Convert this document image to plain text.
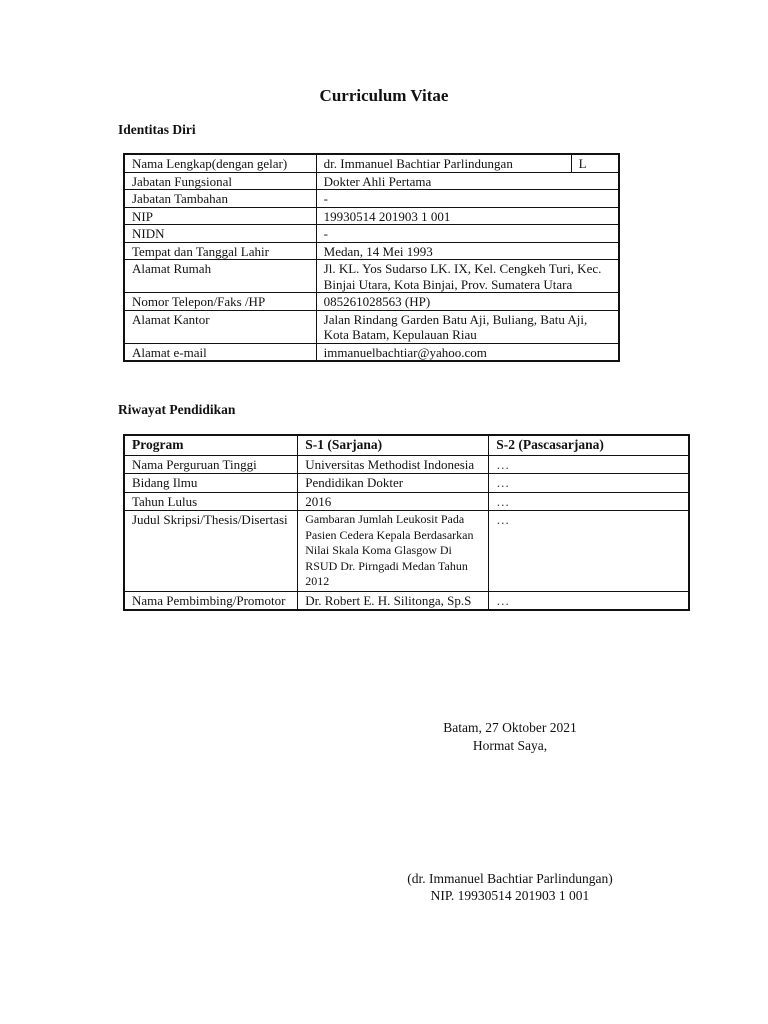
Curriculum Vitae
Identitas Diri
Nama Lengkap(dengan gelar)	dr. Immanuel Bachtiar Parlindungan	L
Jabatan Fungsional	Dokter Ahli Pertama	
Jabatan Tambahan	-	
NIP	19930514 201903 1 001	
NIDN	-	
Tempat dan Tanggal Lahir	Medan, 14 Mei 1993	
Alamat Rumah	Jl. KL. Yos Sudarso LK. IX, Kel. Cengkeh Turi, Kec. Binjai Utara, Kota Binjai, Prov. Sumatera Utara	
Nomor Telepon/Faks /HP	085261028563 (HP)	
Alamat Kantor	Jalan Rindang Garden Batu Aji, Buliang, Batu Aji, Kota Batam, Kepulauan Riau	
Alamat e-mail	immanuelbachtiar@yahoo.com	
Riwayat Pendidikan
Program	S-1 (Sarjana)	S-2 (Pascasarjana)
Nama Perguruan Tinggi	Universitas Methodist Indonesia	…
Bidang Ilmu	Pendidikan Dokter	…
Tahun Lulus	2016	…
Judul Skripsi/Thesis/Disertasi	Gambaran Jumlah Leukosit Pada Pasien Cedera Kepala Berdasarkan Nilai Skala Koma Glasgow Di RSUD Dr. Pirngadi Medan Tahun 2012	…
Nama Pembimbing/Promotor	Dr. Robert E. H. Silitonga, Sp.S	…
Batam, 27 Oktober 2021
Hormat Saya,
(dr. Immanuel Bachtiar Parlindungan)
NIP. 19930514 201903 1 001
